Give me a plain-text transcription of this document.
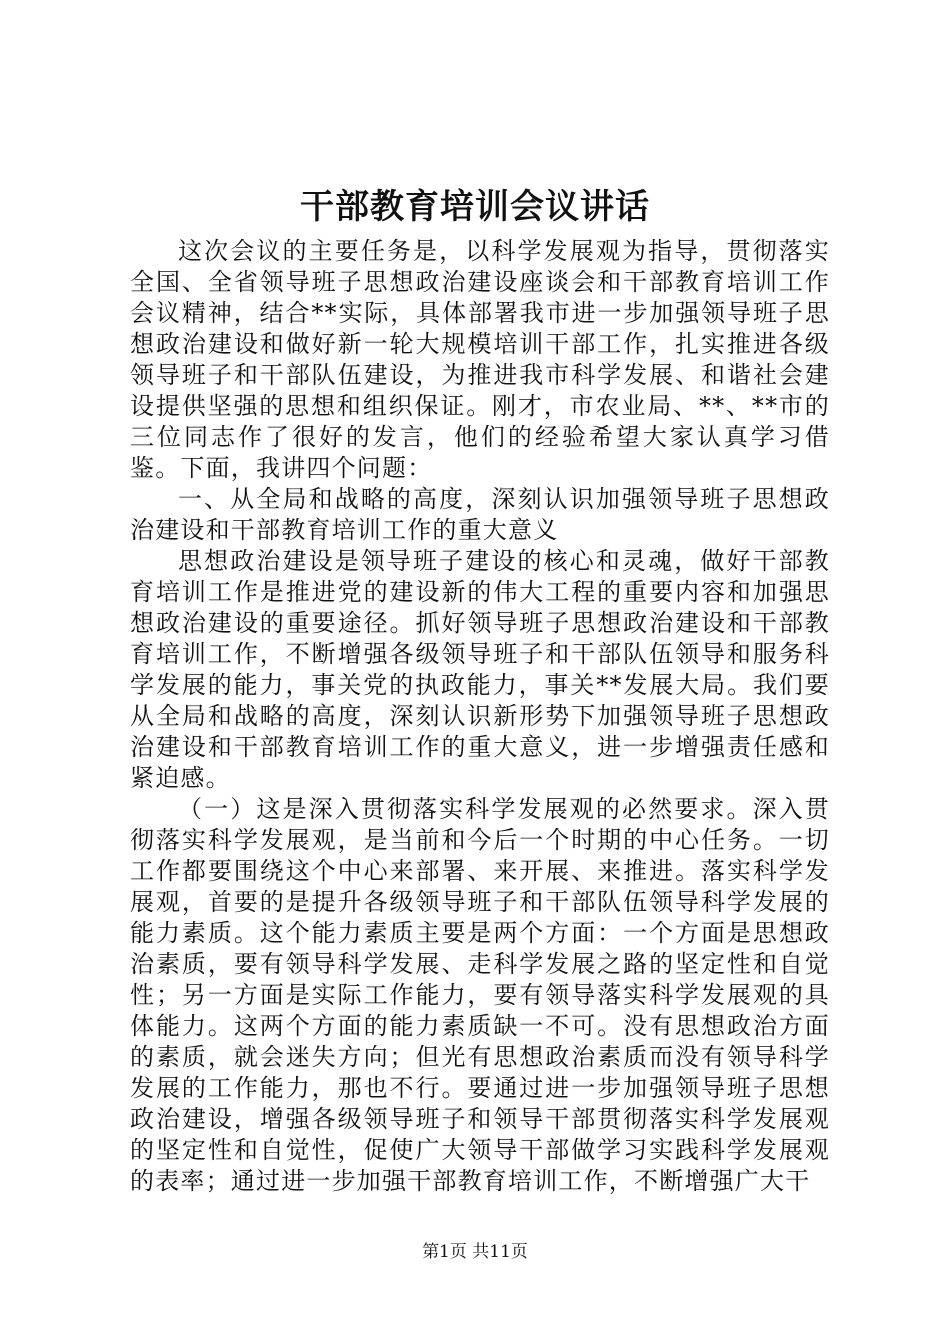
干部教育培训会议讲话

这次会议的主要任务是，以科学发展观为指导，贯彻落实全国、全省领导班子思想政治建设座谈会和干部教育培训工作会议精神，结合**实际，具体部署我市进一步加强领导班子思想政治建设和做好新一轮大规模培训干部工作，扎实推进各级领导班子和干部队伍建设，为推进我市科学发展、和谐社会建设提供坚强的思想和组织保证。刚才，市农业局、**、**市的三位同志作了很好的发言，他们的经验希望大家认真学习借鉴。下面，我讲四个问题：

一、从全局和战略的高度，深刻认识加强领导班子思想政治建设和干部教育培训工作的重大意义

思想政治建设是领导班子建设的核心和灵魂，做好干部教育培训工作是推进党的建设新的伟大工程的重要内容和加强思想政治建设的重要途径。抓好领导班子思想政治建设和干部教育培训工作，不断增强各级领导班子和干部队伍领导和服务科学发展的能力，事关党的执政能力，事关**发展大局。我们要从全局和战略的高度，深刻认识新形势下加强领导班子思想政治建设和干部教育培训工作的重大意义，进一步增强责任感和紧迫感。

（一）这是深入贯彻落实科学发展观的必然要求。深入贯彻落实科学发展观，是当前和今后一个时期的中心任务。一切工作都要围绕这个中心来部署、来开展、来推进。落实科学发展观，首要的是提升各级领导班子和干部队伍领导科学发展的能力素质。这个能力素质主要是两个方面：一个方面是思想政治素质，要有领导科学发展、走科学发展之路的坚定性和自觉性；另一方面是实际工作能力，要有领导落实科学发展观的具体能力。这两个方面的能力素质缺一不可。没有思想政治方面的素质，就会迷失方向；但光有思想政治素质而没有领导科学发展的工作能力，那也不行。要通过进一步加强领导班子思想政治建设，增强各级领导班子和领导干部贯彻落实科学发展观的坚定性和自觉性，促使广大领导干部做学习实践科学发展观的表率；通过进一步加强干部教育培训工作，不断增强广大干

第1页 共11页
